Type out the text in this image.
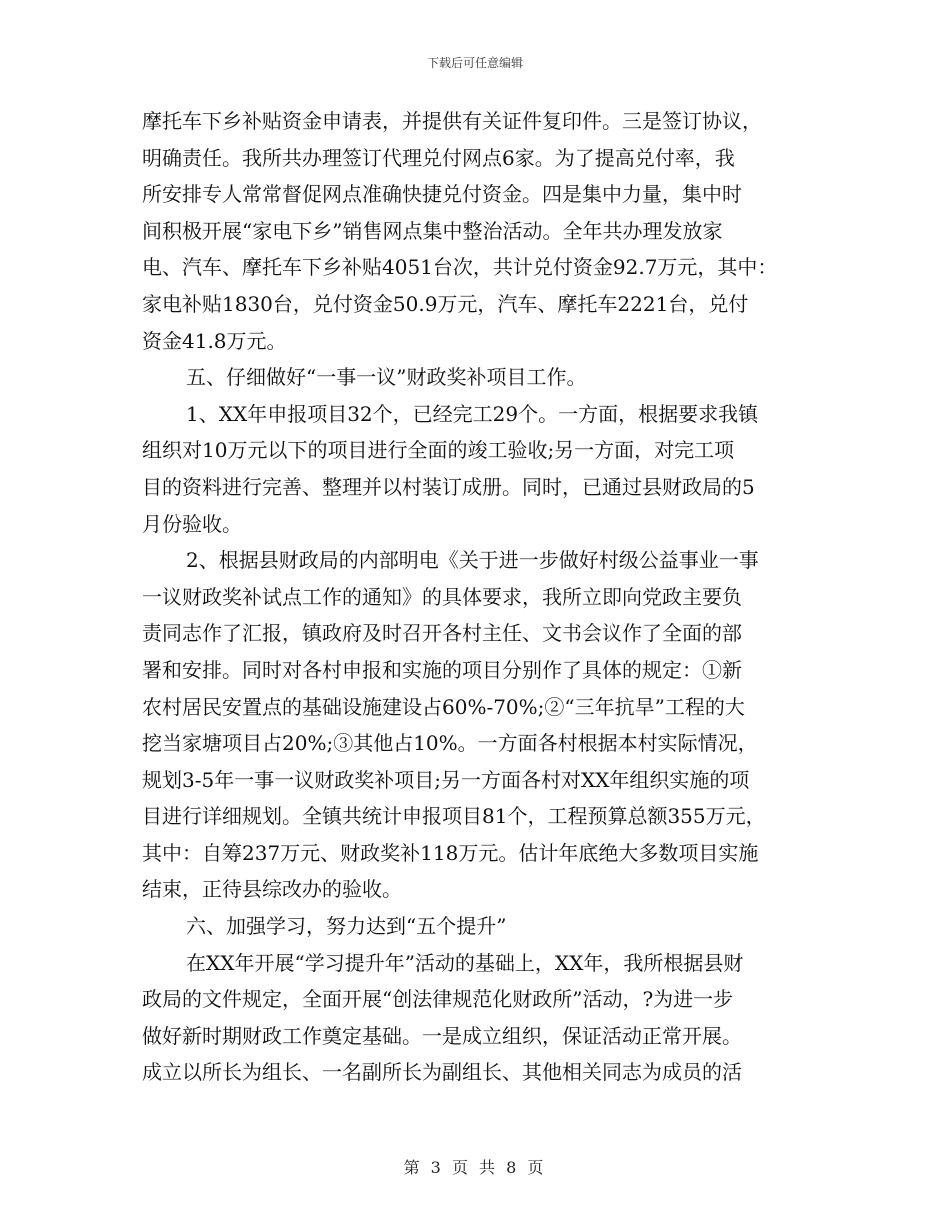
下载后可任意编辑
摩托车下乡补贴资金申请表，并提供有关证件复印件。三是签订协议，
明确责任。我所共办理签订代理兑付网点6家。为了提高兑付率，我
所安排专人常常督促网点准确快捷兑付资金。四是集中力量，集中时
间积极开展“家电下乡”销售网点集中整治活动。全年共办理发放家
电、汽车、摩托车下乡补贴4051台次，共计兑付资金92.7万元，其中：
家电补贴1830台，兑付资金50.9万元，汽车、摩托车2221台，兑付
资金41.8万元。
五、仔细做好“一事一议”财政奖补项目工作。
1、XX年申报项目32个，已经完工29个。一方面，根据要求我镇
组织对10万元以下的项目进行全面的竣工验收;另一方面，对完工项
目的资料进行完善、整理并以村装订成册。同时，已通过县财政局的5
月份验收。
2、根据县财政局的内部明电《关于进一步做好村级公益事业一事
一议财政奖补试点工作的通知》的具体要求，我所立即向党政主要负
责同志作了汇报，镇政府及时召开各村主任、文书会议作了全面的部
署和安排。同时对各村申报和实施的项目分别作了具体的规定：①新
农村居民安置点的基础设施建设占60%-70%;②“三年抗旱”工程的大
挖当家塘项目占20%;③其他占10%。一方面各村根据本村实际情况，
规划3-5年一事一议财政奖补项目;另一方面各村对XX年组织实施的项
目进行详细规划。全镇共统计申报项目81个，工程预算总额355万元，
其中：自筹237万元、财政奖补118万元。估计年底绝大多数项目实施
结束，正待县综改办的验收。
六、加强学习，努力达到“五个提升”
在XX年开展“学习提升年”活动的基础上，XX年，我所根据县财
政局的文件规定，全面开展“创法律规范化财政所”活动，?为进一步
做好新时期财政工作奠定基础。一是成立组织，保证活动正常开展。
成立以所长为组长、一名副所长为副组长、其他相关同志为成员的活
第 3 页 共 8 页
